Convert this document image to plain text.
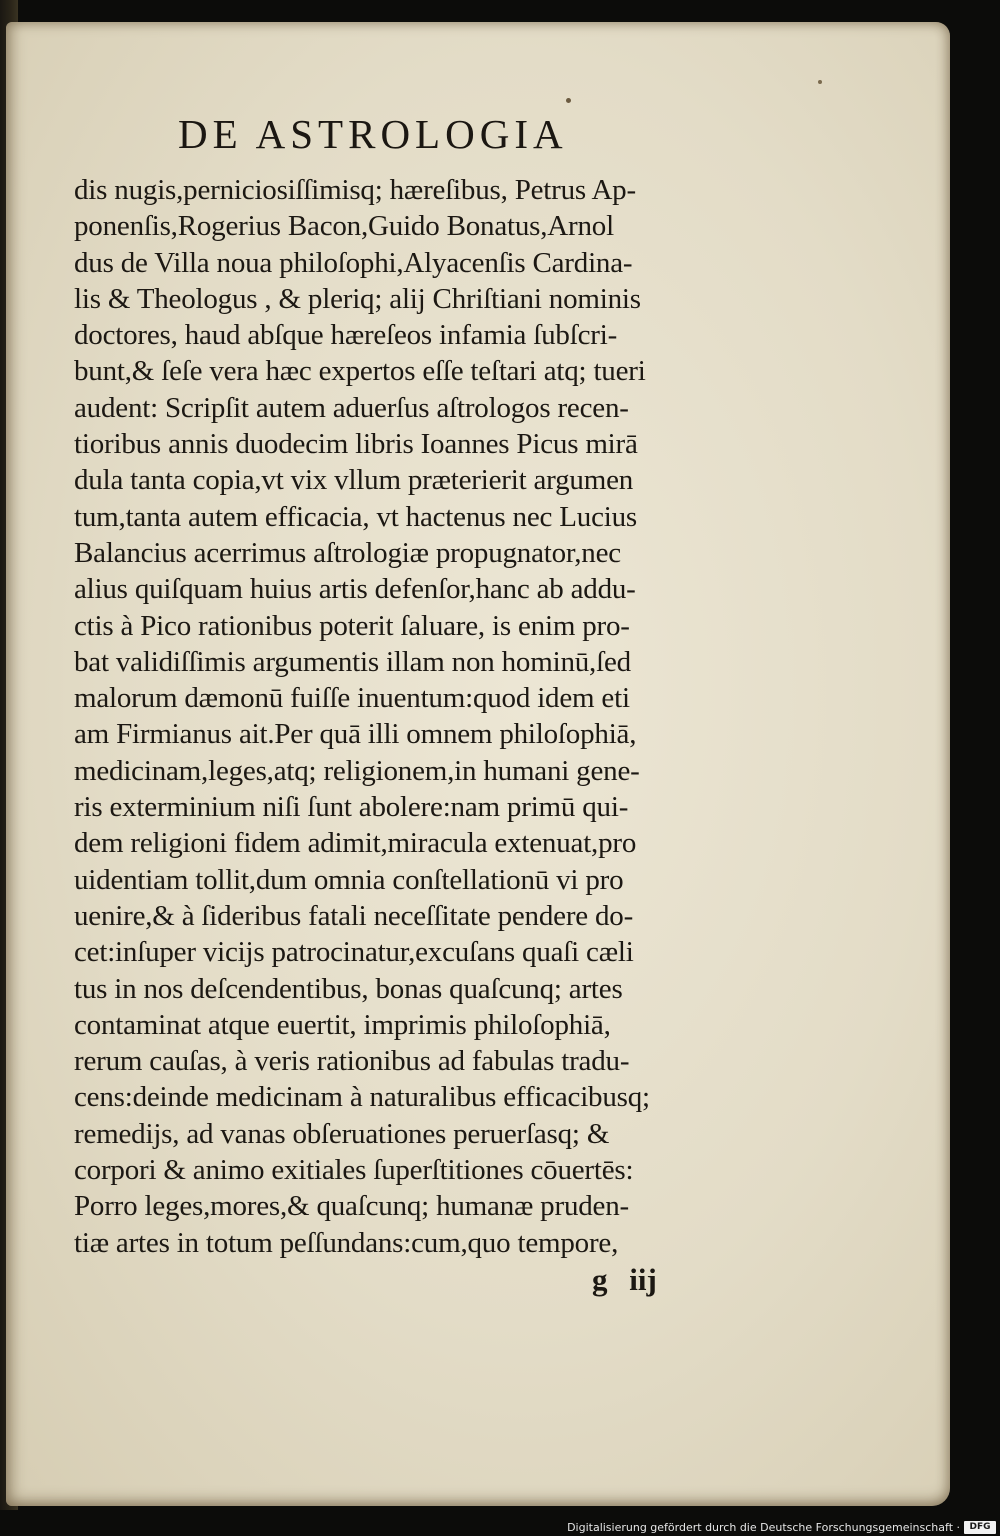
DE ASTROLOGIA
dis nugis,perniciosiſſimisq; hæreſibus, Petrus Ap-
ponenſis,Rogerius Bacon,Guido Bonatus,Arnol
dus de Villa noua philoſophi,Alyacenſis Cardina-
lis & Theologus , & pleriq; alij Chriſtiani nominis
doctores, haud abſque hæreſeos infamia ſubſcri-
bunt,& ſeſe vera hæc expertos eſſe teſtari atq; tueri
audent: Scripſit autem aduerſus aſtrologos recen-
tioribus annis duodecim libris Ioannes Picus mirā
dula tanta copia,vt vix vllum præterierit argumen
tum,tanta autem efficacia, vt hactenus nec Lucius
Balancius acerrimus aſtrologiæ propugnator,nec
alius quiſquam huius artis defenſor,hanc ab addu-
ctis à Pico rationibus poterit ſaluare, is enim pro-
bat validiſſimis argumentis illam non hominū,ſed
malorum dæmonū fuiſſe inuentum:quod idem eti
am Firmianus ait.Per quā illi omnem philoſophiā,
medicinam,leges,atq; religionem,in humani gene-
ris exterminium niſi ſunt abolere:nam primū qui-
dem religioni fidem adimit,miracula extenuat,pro
uidentiam tollit,dum omnia conſtellationū vi pro
uenire,& à ſideribus fatali neceſſitate pendere do-
cet:inſuper vicijs patrocinatur,excuſans quaſi cæli
tus in nos deſcendentibus, bonas quaſcunq; artes
contaminat atque euertit, imprimis philoſophiā,
rerum cauſas, à veris rationibus ad fabulas tradu-
cens:deinde medicinam à naturalibus efficacibusq;
remedijs, ad vanas obſeruationes peruerſasq; &
corpori & animo exitiales ſuperſtitiones cōuertēs:
Porro leges,mores,& quaſcunq; humanæ pruden-
tiæ artes in totum peſſundans:cum,quo tempore,
g iij
Digitalisierung gefördert durch die Deutsche Forschungsgemeinschaft ·	DFG
